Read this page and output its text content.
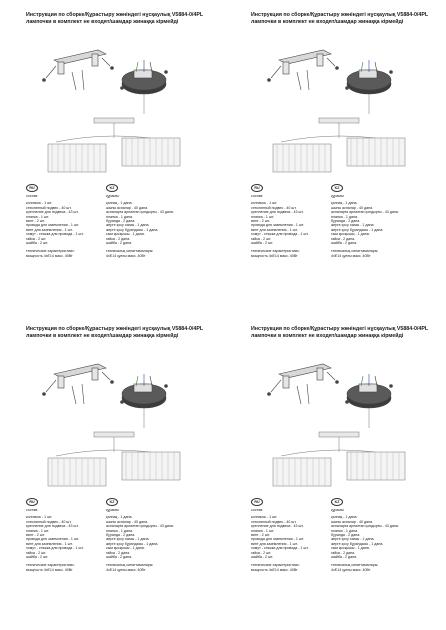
Инструкция по сборке/Құрастыру жөніндегі нұсқаулық V5884-0/4PL
лампочки в комплект не входят/шамдар жинаққа кірмейді
RU
состав:
колпачок - 1 шт.
стеклянный подвес - 40 шт.
крепление для подвеса - 43 шт.
планка - 1 шт.
винт - 2 шт.
провода для заземления - 1 шт.
винт для заземления - 1 шт.
хомут - стяжка для провода - 1 шт.
гайка - 2 шт.
шайба - 2 шт.
технические характеристики:
мощность 4xE14 макс. 40Вт
KZ
құрамы:
қалпақ - 1 дана.
шыны аспалар - 40 дана.
аспаларға арналған қондырғы - 43 дана.
планка - 1 дана.
бұранда - 2 дана.
жерге қосу сымы - 1 дана.
жерге қосу бұрандасы - 1 дана.
сым қысқышы - 1 дана.
гайка - 2 дана.
шайба - 2 дана.
техникалық сипаттамалары:
4xE14 қуаты макс. 40Вт
Инструкция по сборке/Құрастыру жөніндегі нұсқаулық V5884-0/4PL
лампочки в комплект не входят/шамдар жинаққа кірмейді
RU
состав:
колпачок - 1 шт.
стеклянный подвес - 40 шт.
крепление для подвеса - 43 шт.
планка - 1 шт.
винт - 2 шт.
провода для заземления - 1 шт.
винт для заземления - 1 шт.
хомут - стяжка для провода - 1 шт.
гайка - 2 шт.
шайба - 2 шт.
технические характеристики:
мощность 4xE14 макс. 40Вт
KZ
құрамы:
қалпақ - 1 дана.
шыны аспалар - 40 дана.
аспаларға арналған қондырғы - 43 дана.
планка - 1 дана.
бұранда - 2 дана.
жерге қосу сымы - 1 дана.
жерге қосу бұрандасы - 1 дана.
сым қысқышы - 1 дана.
гайка - 2 дана.
шайба - 2 дана.
техникалық сипаттамалары:
4xE14 қуаты макс. 40Вт
Инструкция по сборке/Құрастыру жөніндегі нұсқаулық V5884-0/4PL
лампочки в комплект не входят/шамдар жинаққа кірмейді
RU
состав:
колпачок - 1 шт.
стеклянный подвес - 40 шт.
крепление для подвеса - 43 шт.
планка - 1 шт.
винт - 2 шт.
провода для заземления - 1 шт.
винт для заземления - 1 шт.
хомут - стяжка для провода - 1 шт.
гайка - 2 шт.
шайба - 2 шт.
технические характеристики:
мощность 4xE14 макс. 40Вт
KZ
құрамы:
қалпақ - 1 дана.
шыны аспалар - 40 дана.
аспаларға арналған қондырғы - 43 дана.
планка - 1 дана.
бұранда - 2 дана.
жерге қосу сымы - 1 дана.
жерге қосу бұрандасы - 1 дана.
сым қысқышы - 1 дана.
гайка - 2 дана.
шайба - 2 дана.
техникалық сипаттамалары:
4xE14 қуаты макс. 40Вт
Инструкция по сборке/Құрастыру жөніндегі нұсқаулық V5884-0/4PL
лампочки в комплект не входят/шамдар жинаққа кірмейді
RU
состав:
колпачок - 1 шт.
стеклянный подвес - 40 шт.
крепление для подвеса - 43 шт.
планка - 1 шт.
винт - 2 шт.
провода для заземления - 1 шт.
винт для заземления - 1 шт.
хомут - стяжка для провода - 1 шт.
гайка - 2 шт.
шайба - 2 шт.
технические характеристики:
мощность 4xE14 макс. 40Вт
KZ
құрамы:
қалпақ - 1 дана.
шыны аспалар - 40 дана.
аспаларға арналған қондырғы - 43 дана.
планка - 1 дана.
бұранда - 2 дана.
жерге қосу сымы - 1 дана.
жерге қосу бұрандасы - 1 дана.
сым қысқышы - 1 дана.
гайка - 2 дана.
шайба - 2 дана.
техникалық сипаттамалары:
4xE14 қуаты макс. 40Вт
